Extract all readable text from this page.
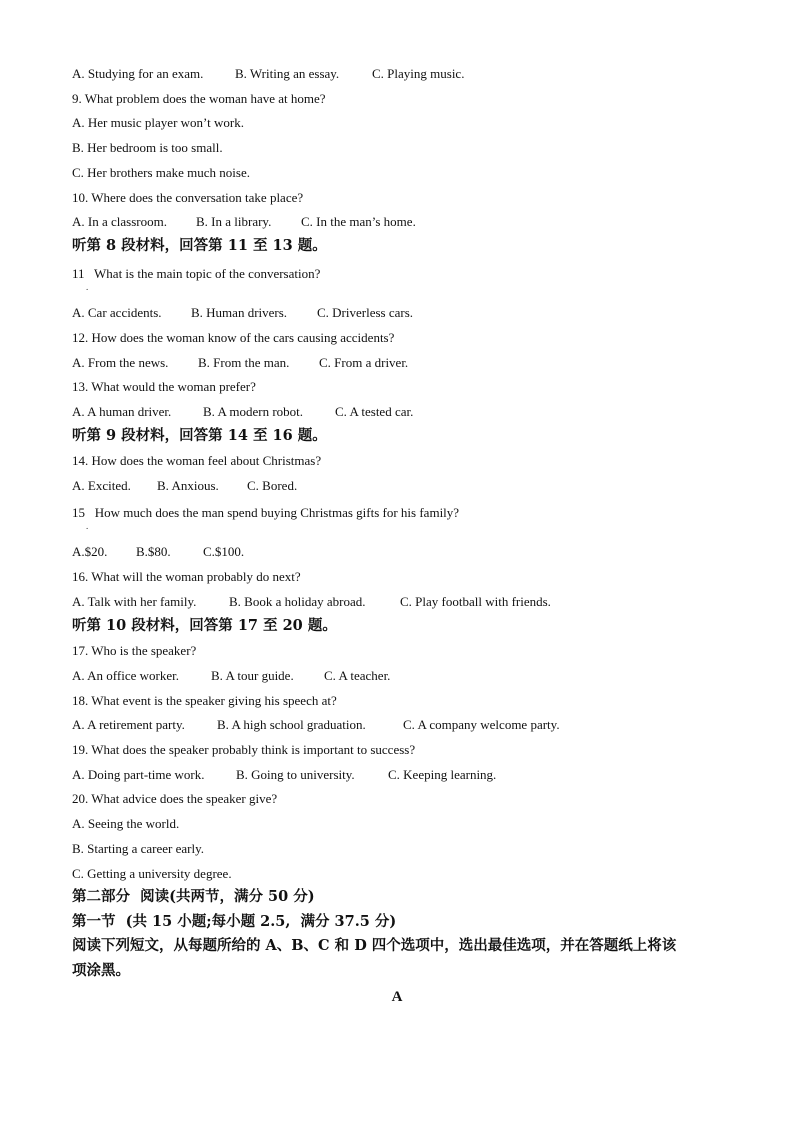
A. Studying for an exam.

B. Writing an essay.

	C. Playing music.

9. What problem does the woman have at home?
A. Her music player won’t work.
B. Her bedroom is too small.
C. Her brothers make much noise.
10. Where does the conversation take place?

A. In a classroom.

B. In a library.

C. In the man’s home.

听第 8 段材料，回答第 11 至 13 题。
11   What is the main topic of the conversation?
.

A. Car accidents.

B. Human drivers.

C. Driverless cars.

12. How does the woman know of the cars causing accidents?

A. From the news.

B. From the man.

C. From a driver.

13. What would the woman prefer?

A. A human driver.

B. A modern robot.

C. A tested car.

听第 9 段材料，回答第 14 至 16 题。
14. How does the woman feel about Christmas?

A. Excited.

B. Anxious.

C. Bored.

15   How much does the man spend buying Christmas gifts for his family?
.

A.$20.

B.$80.

C.$100.

16. What will the woman probably do next?

A. Talk with her family.

	B. Book a holiday abroad.

	C. Play football with friends.

听第 10 段材料，回答第 17 至 20 题。
17. Who is the speaker?

A. An office worker.

B. A tour guide.

C. A teacher.

18. What event is the speaker giving his speech at?

A. A retirement party.

B. A high school graduation.

	C. A company welcome party.

19. What does the speaker probably think is important to success?

A. Doing part-time work.

B. Going to university.

	C. Keeping learning.

20. What advice does the speaker give?
A. Seeing the world.
B. Starting a career early.
C. Getting a university degree.
第二部分  阅读(共两节，满分 50 分)
第一节  (共 15 小题;每小题 2.5,  满分 37.5 分)
阅读下列短文，从每题所给的 A、B、C 和 D 四个选项中，选出最佳选项，并在答题纸上将该
项涂黑。
A
